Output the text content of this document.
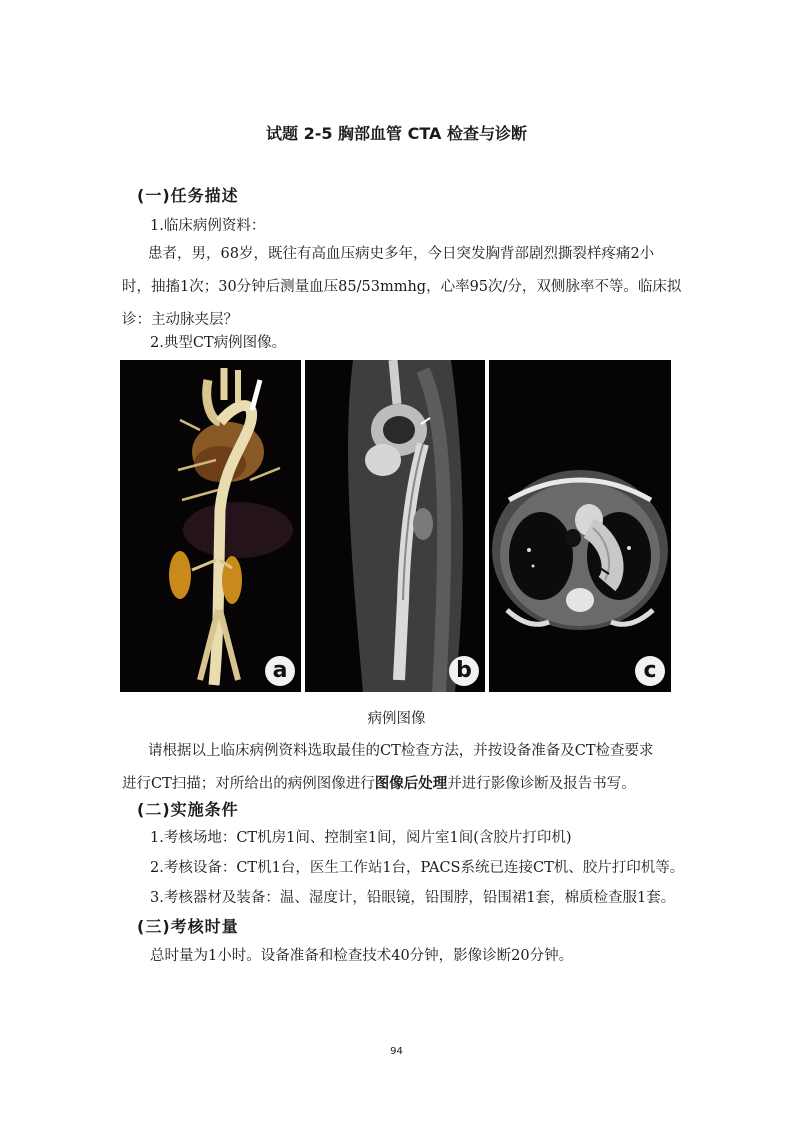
试题 2-5 胸部血管 CTA 检查与诊断
(一)任务描述
1.临床病例资料：
患者，男，68岁，既往有高血压病史多年，今日突发胸背部剧烈撕裂样疼痛2小
时，抽搐1次；30分钟后测量血压85/53mmhg，心率95次/分，双侧脉率不等。临床拟
诊：主动脉夹层？
2.典型CT病例图像。
a	b	c
病例图像
请根据以上临床病例资料选取最佳的CT检查方法，并按设备准备及CT检查要求
进行CT扫描；对所给出的病例图像进行图像后处理并进行影像诊断及报告书写。
(二)实施条件
1.考核场地：CT机房1间、控制室1间，阅片室1间(含胶片打印机)
2.考核设备：CT机1台，医生工作站1台，PACS系统已连接CT机、胶片打印机等。
3.考核器材及装备：温、湿度计，铅眼镜，铅围脖，铅围裙1套，棉质检查服1套。
(三)考核时量
总时量为1小时。设备准备和检查技术40分钟，影像诊断20分钟。
94
